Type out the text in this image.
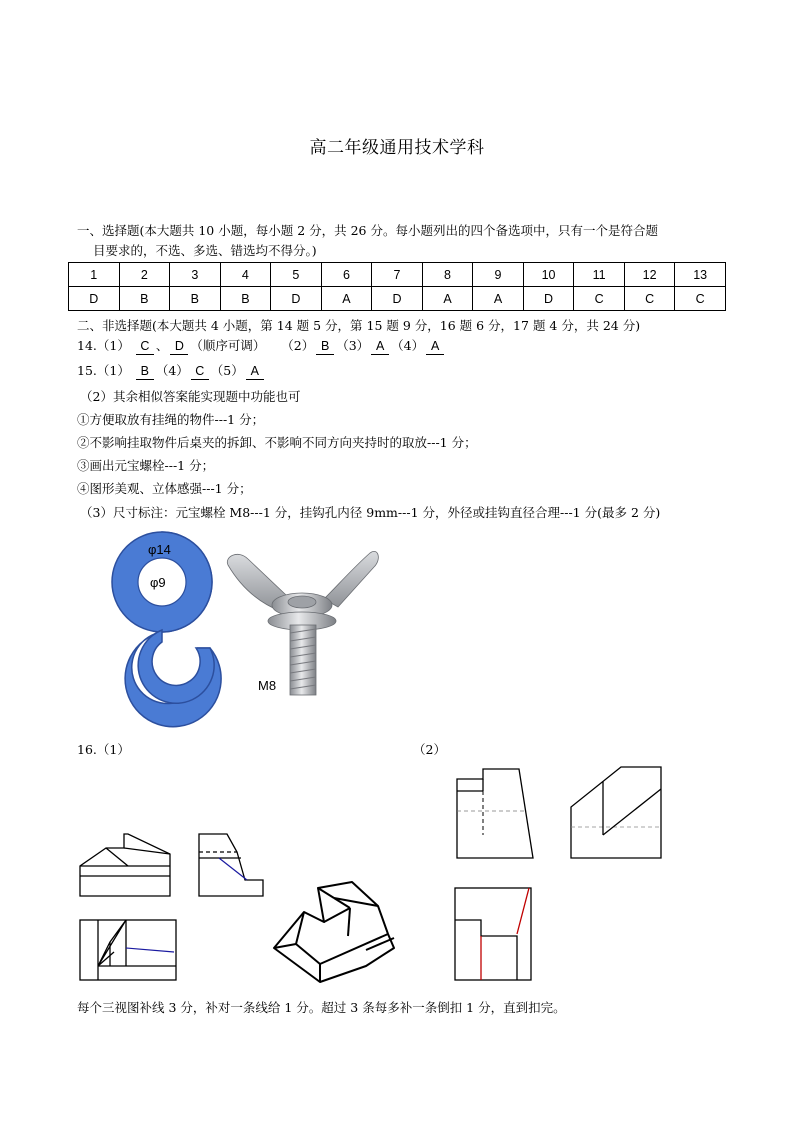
高二年级通用技术学科
一、选择题(本大题共 10 小题，每小题 2 分，共 26 分。每小题列出的四个备选项中，只有一个是符合题
目要求的，不选、多选、错选均不得分。)
1	2	3	4	5	6	7	8	9	10	11	12	13
D	B	B	B	D	A	D	A	A	D	C	C	C
二、非选择题(本大题共 4 小题，第 14 题 5 分，第 15 题 9 分，16 题 6 分，17 题 4 分，共 24 分)
14.（1） C 、 D （顺序可调） （2） B （3） A （4） A
15.（1） B （4） C （5） A
（2）其余相似答案能实现题中功能也可
①方便取放有挂绳的物件---1 分；
②不影响挂取物件后桌夹的拆卸、不影响不同方向夹持时的取放---1 分；
③画出元宝螺栓---1 分；
④图形美观、立体感强---1 分；
（3）尺寸标注：元宝螺栓 M8---1 分，挂钩孔内径 9mm---1 分，外径或挂钩直径合理---1 分(最多 2 分)
φ14
φ9
M8
16.（1）	（2）
每个三视图补线 3 分，补对一条线给 1 分。超过 3 条每多补一条倒扣 1 分，直到扣完。
